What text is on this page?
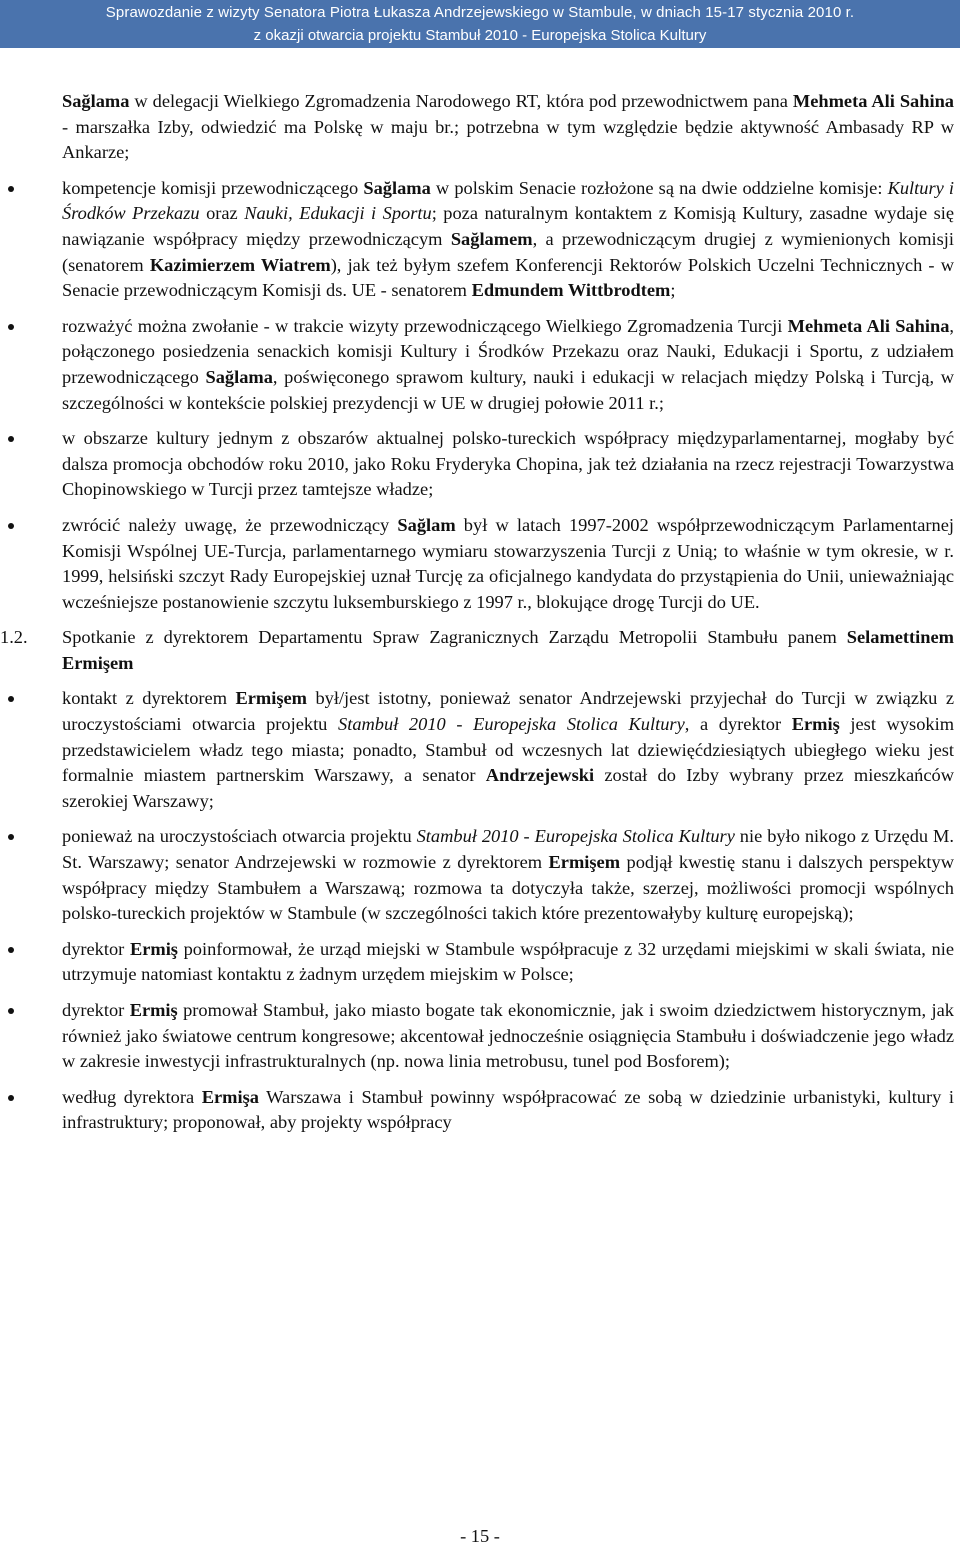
Sprawozdanie z wizyty Senatora Piotra Łukasza Andrzejewskiego w Stambule, w dniach 15-17 stycznia 2010 r.
z okazji otwarcia projektu Stambuł 2010 - Europejska Stolica Kultury

Sağlama w delegacji Wielkiego Zgromadzenia Narodowego RT, która pod przewodnictwem pana Mehmeta Ali Sahina - marszałka Izby, odwiedzić ma Polskę w maju br.; potrzebna w tym względzie będzie aktywność Ambasady RP w Ankarze;

kompetencje komisji przewodniczącego Sağlama w polskim Senacie rozłożone są na dwie oddzielne komisje: Kultury i Środków Przekazu oraz Nauki, Edukacji i Sportu; poza naturalnym kontaktem z Komisją Kultury, zasadne wydaje się nawiązanie współpracy między przewodniczącym Sağlamem, a przewodniczącym drugiej z wymienionych komisji (senatorem Kazimierzem Wiatrem), jak też byłym szefem Konferencji Rektorów Polskich Uczelni Technicznych - w Senacie przewodniczącym Komisji ds. UE - senatorem Edmundem Wittbrodtem;

rozważyć można zwołanie - w trakcie wizyty przewodniczącego Wielkiego Zgromadzenia Turcji Mehmeta Ali Sahina, połączonego posiedzenia senackich komisji Kultury i Środków Przekazu oraz Nauki, Edukacji i Sportu, z udziałem przewodniczącego Sağlama, poświęconego sprawom kultury, nauki i edukacji w relacjach między Polską i Turcją, w szczególności w kontekście polskiej prezydencji w UE w drugiej połowie 2011 r.;

w obszarze kultury jednym z obszarów aktualnej polsko-tureckich współpracy międzyparlamentarnej, mogłaby być dalsza promocja obchodów roku 2010, jako Roku Fryderyka Chopina, jak też działania na rzecz rejestracji Towarzystwa Chopinowskiego w Turcji przez tamtejsze władze;

zwrócić należy uwagę, że przewodniczący Sağlam był w latach 1997-2002 współprzewodniczącym Parlamentarnej Komisji Wspólnej UE-Turcja, parlamentarnego wymiaru stowarzyszenia Turcji z Unią; to właśnie w tym okresie, w r. 1999, helsiński szczyt Rady Europejskiej uznał Turcję za oficjalnego kandydata do przystąpienia do Unii, unieważniając wcześniejsze postanowienie szczytu luksemburskiego z 1997 r., blokujące drogę Turcji do UE.

1.2. Spotkanie z dyrektorem Departamentu Spraw Zagranicznych Zarządu Metropolii Stambułu panem Selamettinem Ermişem

kontakt z dyrektorem Ermişem był/jest istotny, ponieważ senator Andrzejewski przyjechał do Turcji w związku z uroczystościami otwarcia projektu Stambuł 2010 - Europejska Stolica Kultury, a dyrektor Ermiş jest wysokim przedstawicielem władz tego miasta; ponadto, Stambuł od wczesnych lat dziewięćdziesiątych ubiegłego wieku jest formalnie miastem partnerskim Warszawy, a senator Andrzejewski został do Izby wybrany przez mieszkańców szerokiej Warszawy;

ponieważ na uroczystościach otwarcia projektu Stambuł 2010 - Europejska Stolica Kultury nie było nikogo z Urzędu M. St. Warszawy; senator Andrzejewski w rozmowie z dyrektorem Ermişem podjął kwestię stanu i dalszych perspektyw współpracy między Stambułem a Warszawą; rozmowa ta dotyczyła także, szerzej, możliwości promocji wspólnych polsko-tureckich projektów w Stambule (w szczególności takich które prezentowałyby kulturę europejską);

dyrektor Ermiş poinformował, że urząd miejski w Stambule współpracuje z 32 urzędami miejskimi w skali świata, nie utrzymuje natomiast kontaktu z żadnym urzędem miejskim w Polsce;

dyrektor Ermiş promował Stambuł, jako miasto bogate tak ekonomicznie, jak i swoim dziedzictwem historycznym, jak również jako światowe centrum kongresowe; akcentował jednocześnie osiągnięcia Stambułu i doświadczenie jego władz w zakresie inwestycji infrastrukturalnych (np. nowa linia metrobusu, tunel pod Bosforem);

według dyrektora Ermişa Warszawa i Stambuł powinny współpracować ze sobą w dziedzinie urbanistyki, kultury i infrastruktury; proponował, aby projekty współpracy

- 15 -
